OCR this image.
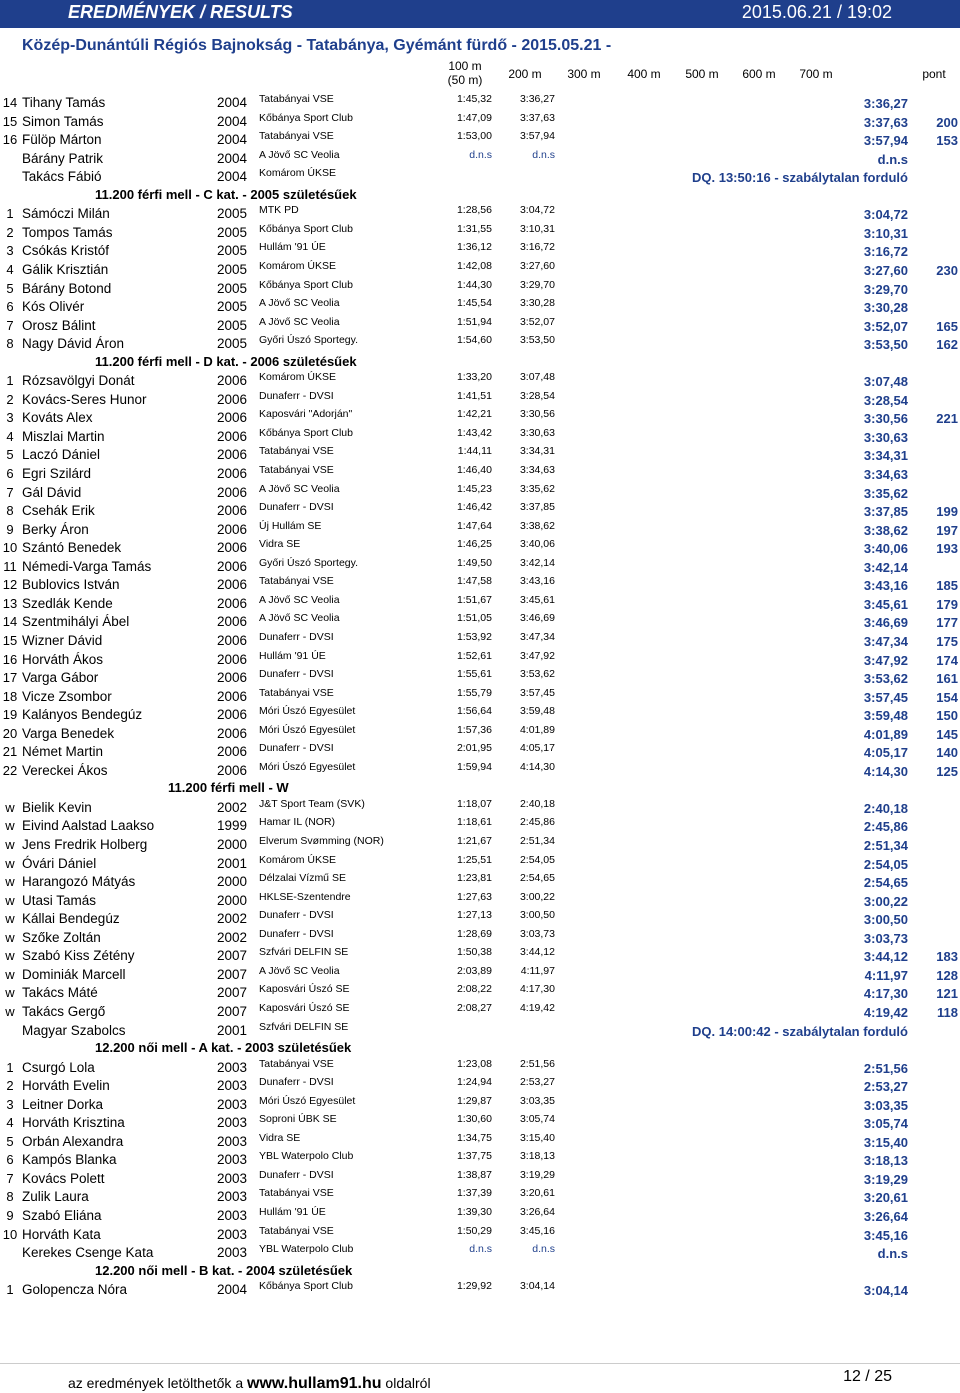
EREDMÉNYEK / RESULTS	2015.06.21 / 19:02
Közép-Dunántúli Régiós Bajnokság - Tatabánya, Gyémánt fürdő - 2015.05.21 -
100 m
(50 m)	200 m	300 m	400 m	500 m	600 m	700 m	pont
14 Tihany Tamás	2004 Tatabányai VSE	1:45,32	3:36,27	3:36,27
15 Simon Tamás	2004 Kőbánya Sport Club	1:47,09	3:37,63	3:37,63 200
16 Fülöp Márton	2004 Tatabányai VSE	1:53,00	3:57,94	3:57,94 153
Bárány Patrik	2004 A Jövő SC Veolia	d.n.s	d.n.s	d.n.s
Takács Fábió	2004 Komárom ÚKSE	DQ. 13:50:16 - szabálytalan forduló
11.200 férfi mell - C kat. - 2005 születésűek
1 Sámóczi Milán	2005 MTK PD	1:28,56	3:04,72	3:04,72
2 Tompos Tamás	2005 Kőbánya Sport Club	1:31,55	3:10,31	3:10,31
3 Csókás Kristóf	2005 Hullám '91 ÚE	1:36,12	3:16,72	3:16,72
4 Gálik Krisztián	2005 Komárom ÚKSE	1:42,08	3:27,60	3:27,60 230
5 Bárány Botond	2005 Kőbánya Sport Club	1:44,30	3:29,70	3:29,70
6 Kós Olivér	2005 A Jövő SC Veolia	1:45,54	3:30,28	3:30,28
7 Orosz Bálint	2005 A Jövő SC Veolia	1:51,94	3:52,07	3:52,07 165
8 Nagy Dávid Áron	2005 Győri Úszó Sportegy.	1:54,60	3:53,50	3:53,50 162
11.200 férfi mell - D kat. - 2006 születésűek
1 Rózsavölgyi Donát	2006 Komárom ÚKSE	1:33,20	3:07,48	3:07,48
2 Kovács-Seres Hunor	2006 Dunaferr - DVSI	1:41,51	3:28,54	3:28,54
3 Kováts Alex	2006 Kaposvári "Adorján"	1:42,21	3:30,56	3:30,56 221
4 Miszlai Martin	2006 Kőbánya Sport Club	1:43,42	3:30,63	3:30,63
5 Laczó Dániel	2006 Tatabányai VSE	1:44,11	3:34,31	3:34,31
6 Egri Szilárd	2006 Tatabányai VSE	1:46,40	3:34,63	3:34,63
7 Gál Dávid	2006 A Jövő SC Veolia	1:45,23	3:35,62	3:35,62
8 Csehák Erik	2006 Dunaferr - DVSI	1:46,42	3:37,85	3:37,85 199
9 Berky Áron	2006 Új Hullám SE	1:47,64	3:38,62	3:38,62 197
10 Szántó Benedek	2006 Vidra SE	1:46,25	3:40,06	3:40,06 193
11 Némedi-Varga Tamás	2006 Győri Úszó Sportegy.	1:49,50	3:42,14	3:42,14
12 Bublovics István	2006 Tatabányai VSE	1:47,58	3:43,16	3:43,16 185
13 Szedlák Kende	2006 A Jövő SC Veolia	1:51,67	3:45,61	3:45,61 179
14 Szentmihályi Ábel	2006 A Jövő SC Veolia	1:51,05	3:46,69	3:46,69 177
15 Wizner Dávid	2006 Dunaferr - DVSI	1:53,92	3:47,34	3:47,34 175
16 Horváth Ákos	2006 Hullám '91 ÚE	1:52,61	3:47,92	3:47,92 174
17 Varga Gábor	2006 Dunaferr - DVSI	1:55,61	3:53,62	3:53,62 161
18 Vicze Zsombor	2006 Tatabányai VSE	1:55,79	3:57,45	3:57,45 154
19 Kalányos Bendegúz	2006 Móri Úszó Egyesület	1:56,64	3:59,48	3:59,48 150
20 Varga Benedek	2006 Móri Úszó Egyesület	1:57,36	4:01,89	4:01,89 145
21 Német Martin	2006 Dunaferr - DVSI	2:01,95	4:05,17	4:05,17 140
22 Vereckei Ákos	2006 Móri Úszó Egyesület	1:59,94	4:14,30	4:14,30 125
11.200 férfi mell - W
w Bielik Kevin	2002 J&T Sport Team (SVK)	1:18,07	2:40,18	2:40,18
w Eivind Aalstad Laakso	1999 Hamar IL (NOR)	1:18,61	2:45,86	2:45,86
w Jens Fredrik Holberg	2000 Elverum Svømming (NOR)	1:21,67	2:51,34	2:51,34
w Óvári Dániel	2001 Komárom ÚKSE	1:25,51	2:54,05	2:54,05
w Harangozó Mátyás	2000 Délzalai Vízmű SE	1:23,81	2:54,65	2:54,65
w Utasi Tamás	2000 HKLSE-Szentendre	1:27,63	3:00,22	3:00,22
w Kállai Bendegúz	2002 Dunaferr - DVSI	1:27,13	3:00,50	3:00,50
w Szőke Zoltán	2002 Dunaferr - DVSI	1:28,69	3:03,73	3:03,73
w Szabó Kiss Zétény	2007 Szfvári DELFIN SE	1:50,38	3:44,12	3:44,12 183
w Dominiák Marcell	2007 A Jövő SC Veolia	2:03,89	4:11,97	4:11,97 128
w Takács Máté	2007 Kaposvári Úszó SE	2:08,22	4:17,30	4:17,30 121
w Takács Gergő	2007 Kaposvári Úszó SE	2:08,27	4:19,42	4:19,42 118
Magyar Szabolcs	2001 Szfvári DELFIN SE	DQ. 14:00:42 - szabálytalan forduló
12.200 női mell - A kat. - 2003 születésűek
1 Csurgó Lola	2003 Tatabányai VSE	1:23,08	2:51,56	2:51,56
2 Horváth Evelin	2003 Dunaferr - DVSI	1:24,94	2:53,27	2:53,27
3 Leitner Dorka	2003 Móri Úszó Egyesület	1:29,87	3:03,35	3:03,35
4 Horváth Krisztina	2003 Soproni ÚBK SE	1:30,60	3:05,74	3:05,74
5 Orbán Alexandra	2003 Vidra SE	1:34,75	3:15,40	3:15,40
6 Kampós Blanka	2003 YBL Waterpolo Club	1:37,75	3:18,13	3:18,13
7 Kovács Polett	2003 Dunaferr - DVSI	1:38,87	3:19,29	3:19,29
8 Zulik Laura	2003 Tatabányai VSE	1:37,39	3:20,61	3:20,61
9 Szabó Eliána	2003 Hullám '91 ÚE	1:39,30	3:26,64	3:26,64
10 Horváth Kata	2003 Tatabányai VSE	1:50,29	3:45,16	3:45,16
Kerekes Csenge Kata	2003 YBL Waterpolo Club	d.n.s	d.n.s	d.n.s
12.200 női mell - B kat. - 2004 születésűek
1 Golopencza Nóra	2004 Kőbánya Sport Club	1:29,92	3:04,14	3:04,14
az eredmények letölthetők a www.hullam91.hu oldalról	12 / 25
